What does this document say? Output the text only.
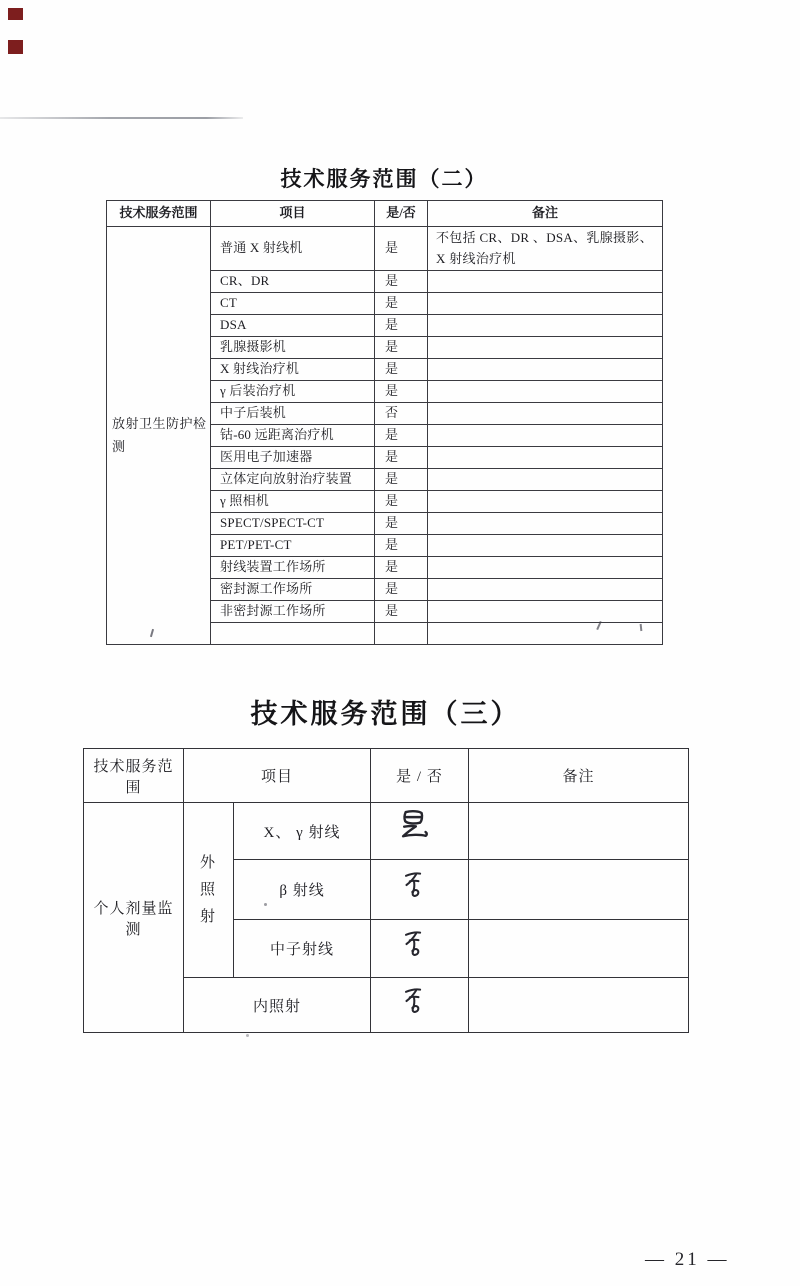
技术服务范围（二）
技术服务范围	项目	是/否	备注
放射卫生防护检测	普通 X 射线机	是	不包括 CR、DR 、DSA、乳腺摄影、 X 射线治疗机
	CR、DR	是	
	CT	是	
	DSA	是	
	乳腺摄影机	是	
	X 射线治疗机	是	
	γ 后装治疗机	是	
	中子后装机	否	
	钴-60 远距离治疗机	是	
	医用电子加速器	是	
	立体定向放射治疗装置	是	
	γ 照相机	是	
	SPECT/SPECT-CT	是	
	PET/PET-CT	是	
	射线装置工作场所	是	
	密封源工作场所	是	
	非密封源工作场所	是	

技术服务范围（三）
技术服务范围	项目		是 / 否	备注
个人剂量监测	外 照 射	X、 γ 射线	

		β 射线	

		中子射线	

	内照射	

— 21 —
